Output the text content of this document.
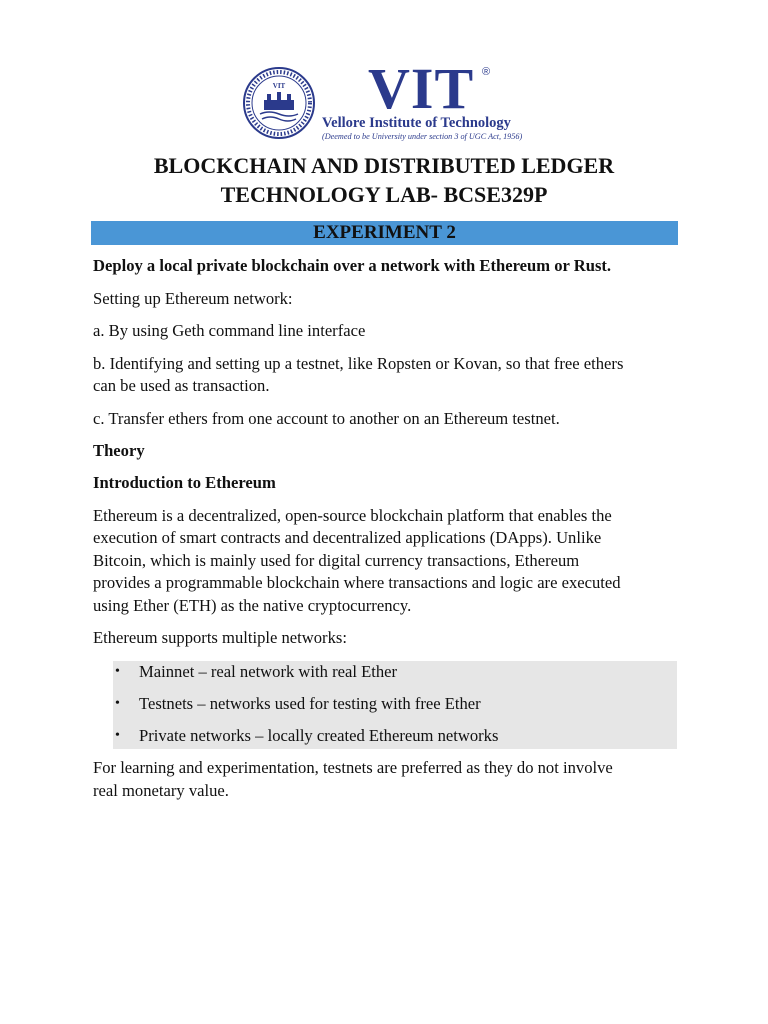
VIT VIT ®
Vellore Institute of Technology
(Deemed to be University under section 3 of UGC Act, 1956)
BLOCKCHAIN AND DISTRIBUTED LEDGER
TECHNOLOGY LAB- BCSE329P
EXPERIMENT 2
Deploy a local private blockchain over a network with Ethereum or Rust.
Setting up Ethereum network:
a. By using Geth command line interface
b. Identifying and setting up a testnet, like Ropsten or Kovan, so that free ethers
can be used as transaction.
c. Transfer ethers from one account to another on an Ethereum testnet.
Theory
Introduction to Ethereum
Ethereum is a decentralized, open-source blockchain platform that enables the
execution of smart contracts and decentralized applications (DApps). Unlike
Bitcoin, which is mainly used for digital currency transactions, Ethereum
provides a programmable blockchain where transactions and logic are executed
using Ether (ETH) as the native cryptocurrency.
Ethereum supports multiple networks:
• Mainnet – real network with real Ether
• Testnets – networks used for testing with free Ether
• Private networks – locally created Ethereum networks
For learning and experimentation, testnets are preferred as they do not involve
real monetary value.
